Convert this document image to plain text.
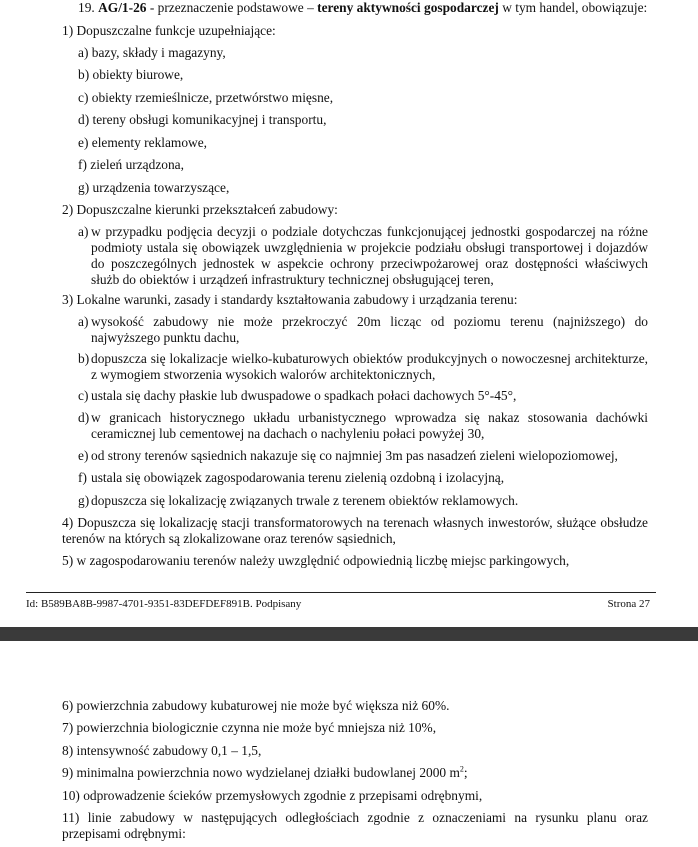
19. AG/1-26 - przeznaczenie podstawowe – tereny aktywności gospodarczej w tym handel, obowiązuje:
1) Dopuszczalne funkcje uzupełniające:
a) bazy, składy i magazyny,
b) obiekty biurowe,
c) obiekty rzemieślnicze, przetwórstwo mięsne,
d) tereny obsługi komunikacyjnej i transportu,
e) elementy reklamowe,
f) zieleń urządzona,
g) urządzenia towarzyszące,
2) Dopuszczalne kierunki przekształceń zabudowy:
a) w przypadku podjęcia decyzji o podziale dotychczas funkcjonującej jednostki gospodarczej na różne podmioty ustala się obowiązek uwzględnienia w projekcie podziału obsługi transportowej i dojazdów do poszczególnych jednostek w aspekcie ochrony przeciwpożarowej oraz dostępności właściwych służb do obiektów i urządzeń infrastruktury technicznej obsługującej teren,
3) Lokalne warunki, zasady i standardy kształtowania zabudowy i urządzania terenu:
a) wysokość zabudowy nie może przekroczyć 20m licząc od poziomu terenu (najniższego) do najwyższego punktu dachu,
b) dopuszcza się lokalizacje wielko-kubaturowych obiektów produkcyjnych o nowoczesnej architekturze, z wymogiem stworzenia wysokich walorów architektonicznych,
c) ustala się dachy płaskie lub dwuspadowe o spadkach połaci dachowych 5°-45°,
d) w granicach historycznego układu urbanistycznego wprowadza się nakaz stosowania dachówki ceramicznej lub cementowej na dachach o nachyleniu połaci powyżej 30,
e) od strony terenów sąsiednich nakazuje się co najmniej 3m pas nasadzeń zieleni wielopoziomowej,
f) ustala się obowiązek zagospodarowania terenu zielenią ozdobną i izolacyjną,
g) dopuszcza się lokalizację związanych trwale z terenem obiektów reklamowych.
4) Dopuszcza się lokalizację stacji transformatorowych na terenach własnych inwestorów, służące obsłudze terenów na których są zlokalizowane oraz terenów sąsiednich,
5) w zagospodarowaniu terenów należy uwzględnić odpowiednią liczbę miejsc parkingowych,
Id: B589BA8B-9987-4701-9351-83DEFDEF891B. Podpisany	Strona 27
6) powierzchnia zabudowy kubaturowej nie może być większa niż 60%.
7) powierzchnia biologicznie czynna nie może być mniejsza niż 10%,
8) intensywność zabudowy 0,1 – 1,5,
9) minimalna powierzchnia nowo wydzielanej działki budowlanej 2000 $m^2$;
10) odprowadzenie ścieków przemysłowych zgodnie z przepisami odrębnymi,
11) linie zabudowy w następujących odległościach zgodnie z oznaczeniami na rysunku planu oraz przepisami odrębnymi:
